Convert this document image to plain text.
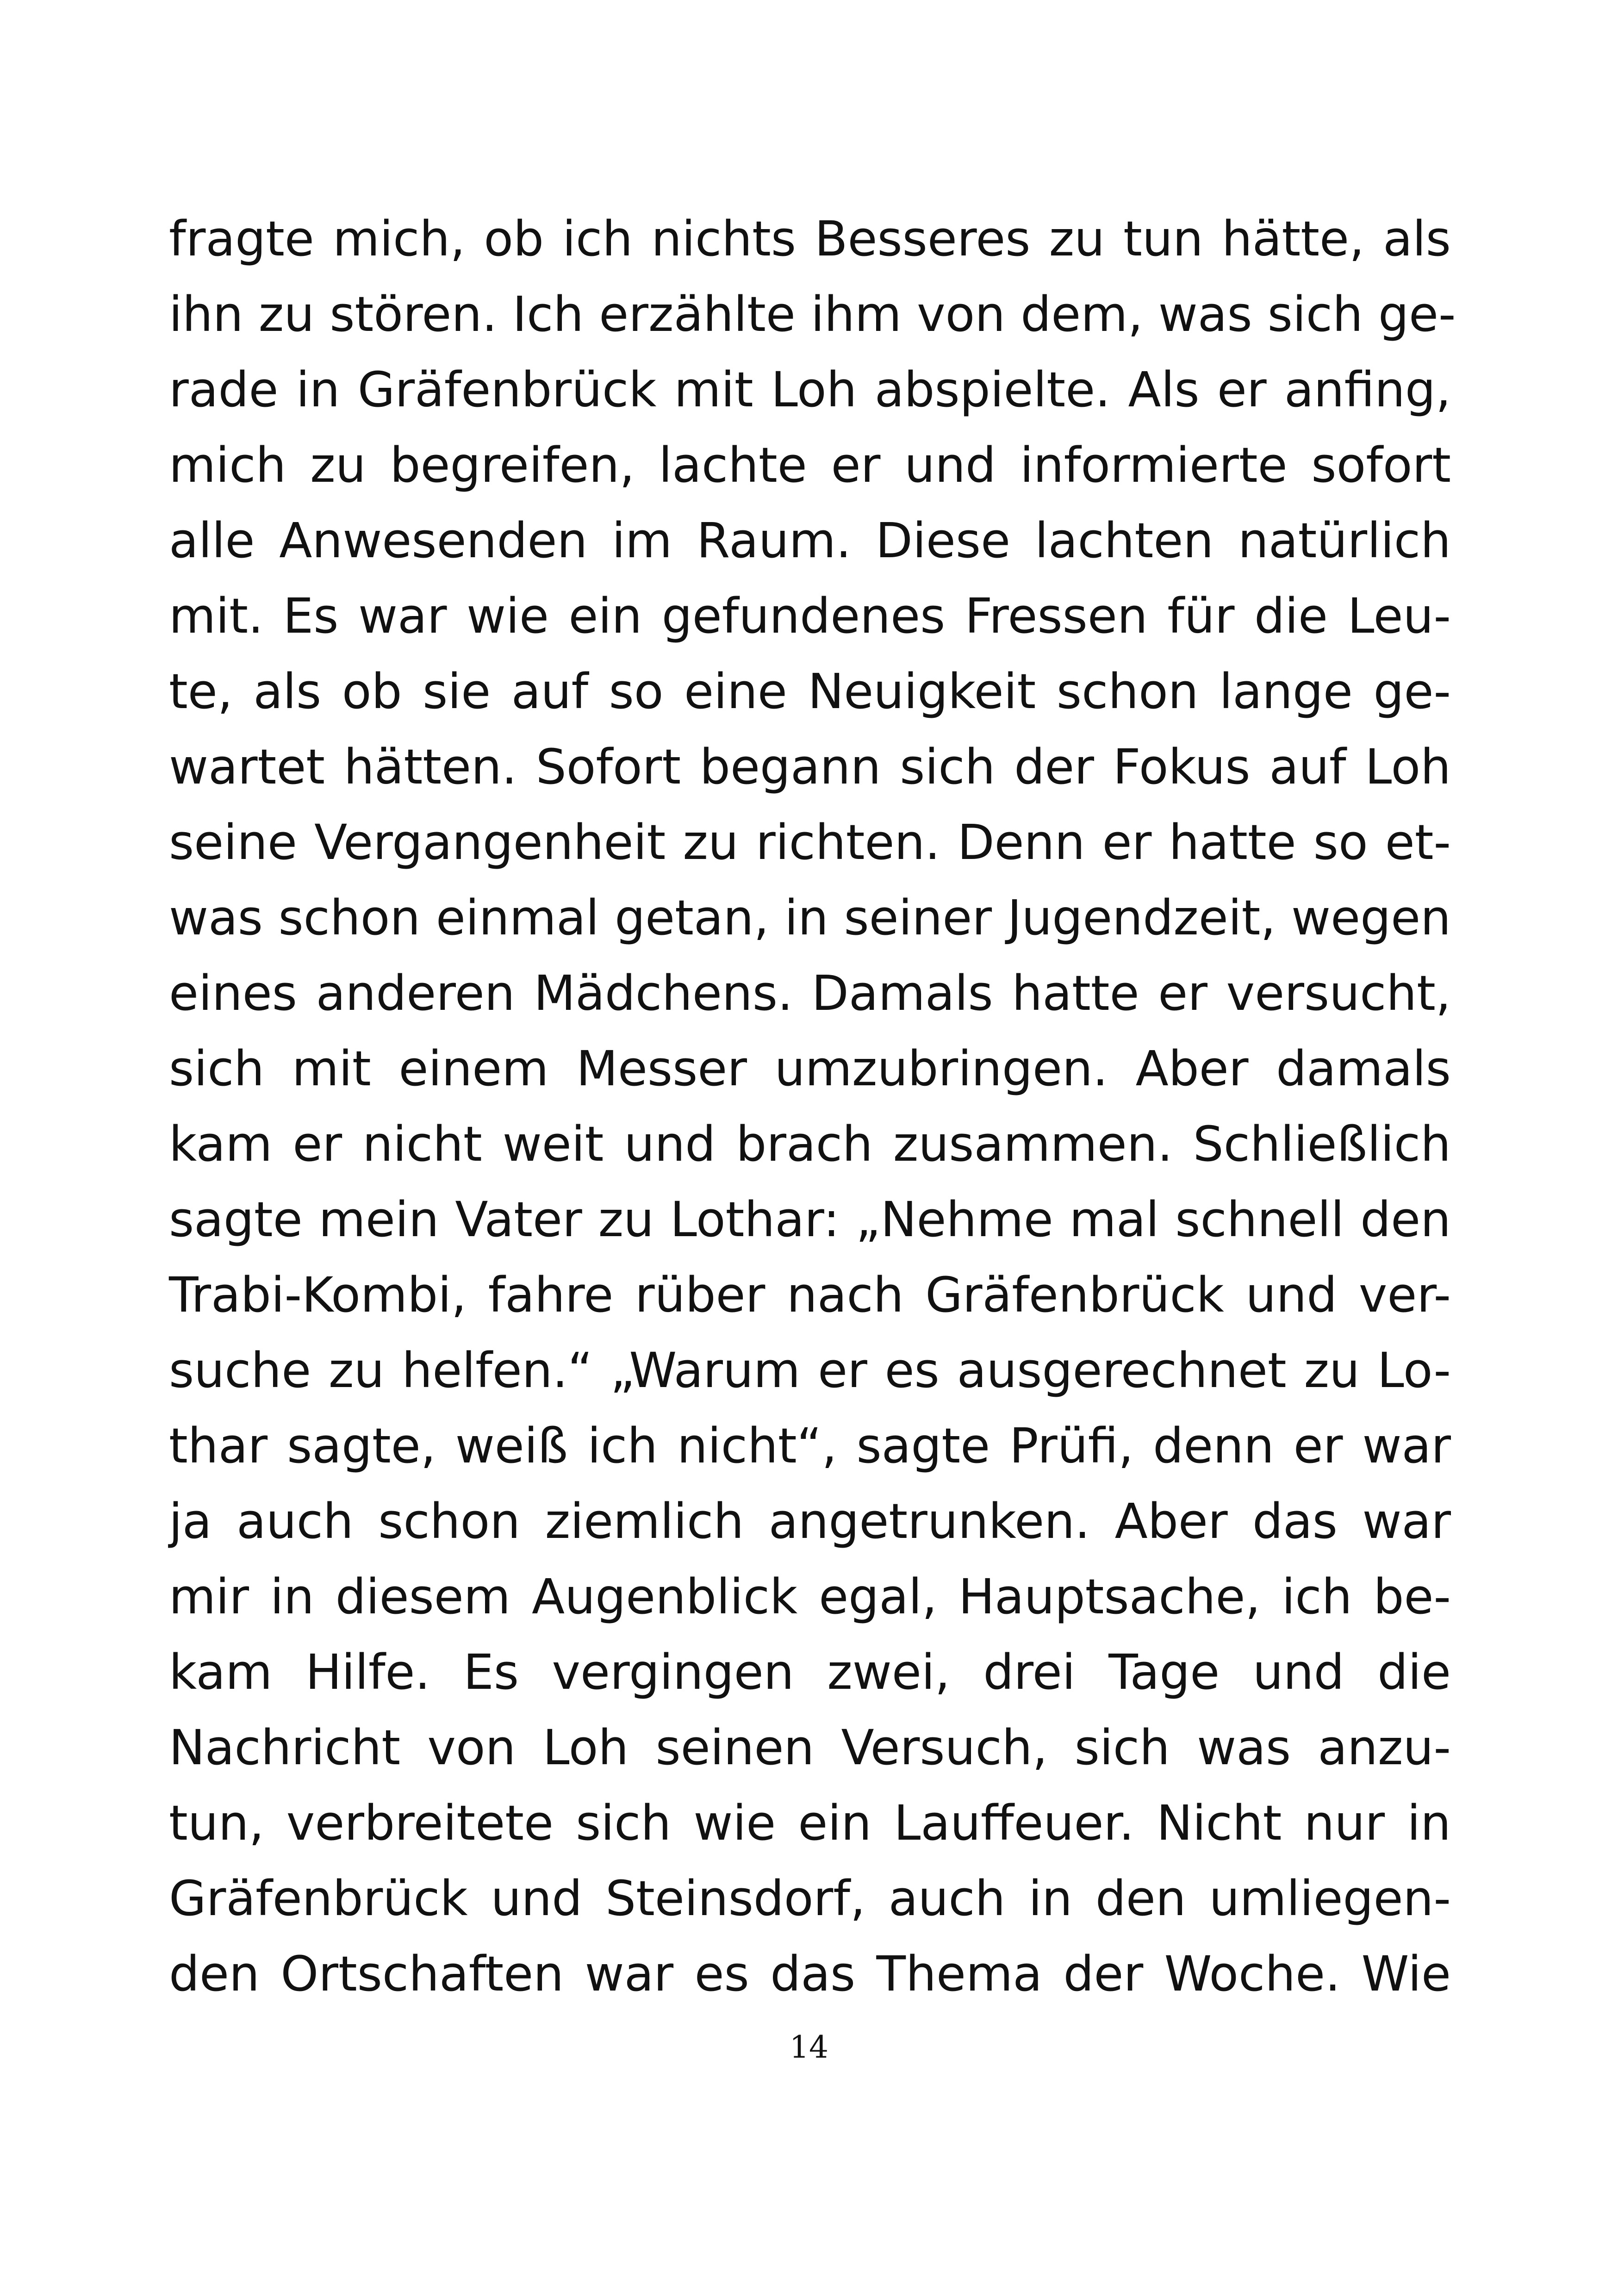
fragte mich, ob ich nichts Besseres zu tun hätte, als
ihn zu stören. Ich erzählte ihm von dem, was sich ge-
rade in Gräfenbrück mit Loh abspielte. Als er anfing,
mich zu begreifen, lachte er und informierte sofort
alle Anwesenden im Raum. Diese lachten natürlich
mit. Es war wie ein gefundenes Fressen für die Leu-
te, als ob sie auf so eine Neuigkeit schon lange ge-
wartet hätten. Sofort begann sich der Fokus auf Loh
seine Vergangenheit zu richten. Denn er hatte so et-
was schon einmal getan, in seiner Jugendzeit, wegen
eines anderen Mädchens. Damals hatte er versucht,
sich mit einem Messer umzubringen. Aber damals
kam er nicht weit und brach zusammen. Schließlich
sagte mein Vater zu Lothar: „Nehme mal schnell den
Trabi-Kombi, fahre rüber nach Gräfenbrück und ver-
suche zu helfen.“ „Warum er es ausgerechnet zu Lo-
thar sagte, weiß ich nicht“, sagte Prüfi, denn er war
ja auch schon ziemlich angetrunken. Aber das war
mir in diesem Augenblick egal, Hauptsache, ich be-
kam Hilfe. Es vergingen zwei, drei Tage und die
Nachricht von Loh seinen Versuch, sich was anzu-
tun, verbreitete sich wie ein Lauffeuer. Nicht nur in
Gräfenbrück und Steinsdorf, auch in den umliegen-
den Ortschaften war es das Thema der Woche. Wie
14
